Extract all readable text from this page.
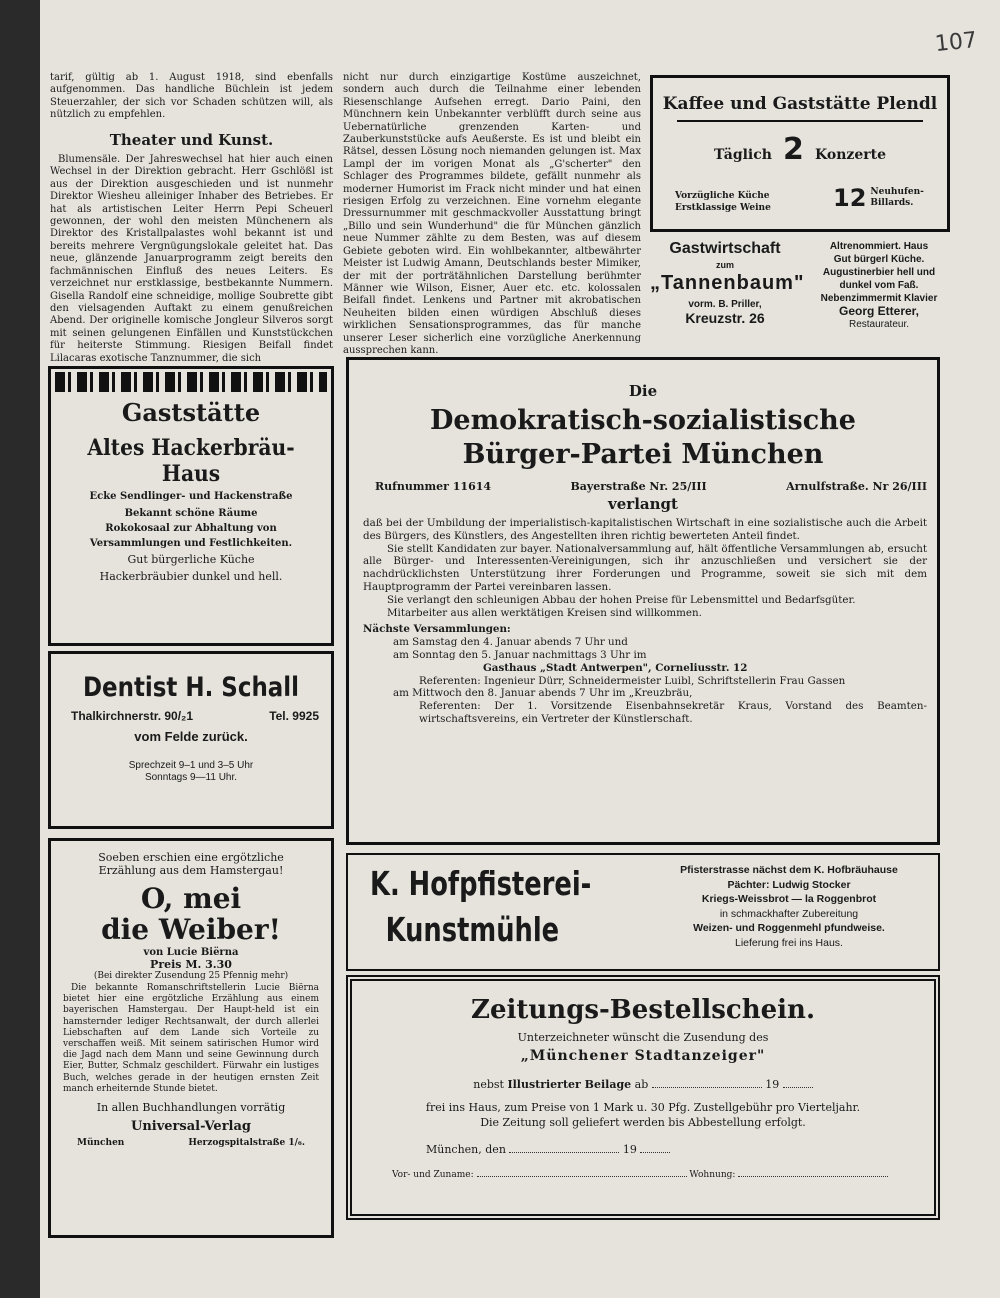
107

tarif, gültig ab 1. August 1918, sind ebenfalls aufgenommen. Das handliche Büchlein ist jedem Steuerzahler, der sich vor Schaden schützen will, als nützlich zu empfehlen.

Theater und Kunst.

Blumensäle. Der Jahreswechsel hat hier auch einen Wechsel in der Direktion gebracht. Herr Gschlößl ist aus der Direktion ausgeschieden und ist nunmehr Direktor Wiesheu alleiniger Inhaber des Betriebes. Er hat als artistischen Leiter Herrn Pepi Scheuerl gewonnen, der wohl den meisten Münchenern als Direktor des Kristallpalastes wohl bekannt ist und bereits mehrere Vergnügungslokale geleitet hat. Das neue, glänzende Januarprogramm zeigt bereits den fachmännischen Einfluß des neues Leiters. Es verzeichnet nur erstklassige, bestbekannte Nummern. Gisella Randolf eine schneidige, mollige Soubrette gibt den vielsagenden Auftakt zu einem genußreichen Abend. Der originelle komische Jongleur Silveros sorgt mit seinen gelungenen Einfällen und Kunststückchen für heiterste Stimmung. Riesigen Beifall findet Lilacaras exotische Tanznummer, die sich

nicht nur durch einzigartige Kostüme auszeichnet, sondern auch durch die Teilnahme einer lebenden Riesenschlange Aufsehen erregt. Dario Paini, den Münchnern kein Unbekannter verblüfft durch seine aus Uebernatürliche grenzenden Karten- und Zauberkunststücke aufs Aeußerste. Es ist und bleibt ein Rätsel, dessen Lösung noch niemanden gelungen ist. Max Lampl der im vorigen Monat als „G'scherter" den Schlager des Programmes bildete, gefällt nunmehr als moderner Humorist im Frack nicht minder und hat einen riesigen Erfolg zu verzeichnen. Eine vornehm elegante Dressurnummer mit geschmackvoller Ausstattung bringt „Billo und sein Wunderhund" die für München gänzlich neue Nummer zählte zu dem Besten, was auf diesem Gebiete geboten wird. Ein wohlbekannter, altbewährter Meister ist Ludwig Amann, Deutschlands bester Mimiker, der mit der porträtähnlichen Darstellung berühmter Männer wie Wilson, Eisner, Auer etc. etc. kolossalen Beifall findet. Lenkens und Partner mit akrobatischen Neuheiten bilden einen würdigen Abschluß dieses wirklichen Sensationsprogrammes, das für manche unserer Leser sicherlich eine vorzügliche Anerkennung aussprechen kann.

Kaffee und Gaststätte Plendl
Täglich 2 Konzerte
Vorzügliche Küche
Erstklassige Weine	12 Neuhufen-
Billards.
Gastwirtschaft
zum
„Tannenbaum"
vorm. B. Priller,
Kreuzstr. 26
Altrenommiert. Haus
Gut bürgerl Küche.
Augustinerbier hell und
dunkel vom Faß.
Nebenzimmermit Klavier
Georg Etterer,
Restaurateur.
Gaststätte
Altes Hackerbräu-Haus
Ecke Sendlinger- und Hackenstraße
Bekannt schöne Räume
Rokokosaal zur Abhaltung von
Versammlungen und Festlichkeiten.
Gut bürgerliche Küche
Hackerbräubier dunkel und hell.
Dentist H. Schall
Thalkirchnerstr. 90/₂1	Tel. 9925
vom Felde zurück.
Sprechzeit 9–1 und 3–5 Uhr
Sonntags 9—11 Uhr.
Soeben erschien eine ergötzliche Erzählung aus dem Hamstergau!
O, mei
die Weiber!
von Lucie Biërna
Preis M. 3.30
(Bei direkter Zusendung 25 Pfennig mehr)
Die bekannte Romanschriftstellerin Lucie Biërna bietet hier eine ergötzliche Erzählung aus einem bayerischen Hamstergau. Der Haupt-held ist ein hamsternder lediger Rechtsanwalt, der durch allerlei Liebschaften auf dem Lande sich Vorteile zu verschaffen weiß. Mit seinem satirischen Humor wird die Jagd nach dem Mann und seine Gewinnung durch Eier, Butter, Schmalz geschildert. Fürwahr ein lustiges Buch, welches gerade in der heutigen ernsten Zeit manch erheiternde Stunde bietet.
In allen Buchhandlungen vorrätig
Universal-Verlag
München	Herzogspitalstraße 1/₆.
Die
Demokratisch-sozialistische
Bürger-Partei München
Rufnummer 11614	Bayerstraße Nr. 25/III	Arnulfstraße. Nr 26/III
verlangt

daß bei der Umbildung der imperialistisch-kapitalistischen Wirtschaft in eine sozialistische auch die Arbeit des Bürgers, des Künstlers, des Angestellten ihren richtig bewerteten Anteil findet.

Sie stellt Kandidaten zur bayer. Nationalversammlung auf, hält öffentliche Versammlungen ab, ersucht alle Bürger- und Interessenten-Vereinigungen, sich ihr anzuschließen und versichert sie der nachdrücklichsten Unterstützung ihrer Forderungen und Programme, soweit sie sich mit dem Hauptprogramm der Partei vereinbaren lassen.

Sie verlangt den schleunigen Abbau der hohen Preise für Lebensmittel und Bedarfsgüter.

Mitarbeiter aus allen werktätigen Kreisen sind willkommen.

Nächste Versammlungen:

am Samstag den 4. Januar abends 7 Uhr und

am Sonntag den 5. Januar nachmittags 3 Uhr im

Gasthaus „Stadt Antwerpen", Corneliusstr. 12

Referenten: Ingenieur Dürr, Schneidermeister Luibl, Schriftstellerin Frau Gassen

am Mittwoch den 8. Januar abends 7 Uhr im „Kreuzbräu,

Referenten: Der 1. Vorsitzende Eisenbahnsekretär Kraus, Vorstand des Beamten-wirtschaftsvereins, ein Vertreter der Künstlerschaft.

K. Hofpfisterei-
Kunstmühle
Pfisterstrasse nächst dem K. Hofbräuhause
Pächter: Ludwig Stocker
Kriegs-Weissbrot — la Roggenbrot
in schmackhafter Zubereitung
Weizen- und Roggenmehl pfundweise.
Lieferung frei ins Haus.
Zeitungs-Bestellschein.
Unterzeichneter wünscht die Zusendung des
„Münchener Stadtanzeiger"
nebst Illustrierter Beilage ab	19
frei ins Haus, zum Preise von 1 Mark u. 30 Pfg. Zustellgebühr pro Vierteljahr.
Die Zeitung soll geliefert werden bis Abbestellung erfolgt.
München, den	19
Vor- und Zuname:	Wohnung:
